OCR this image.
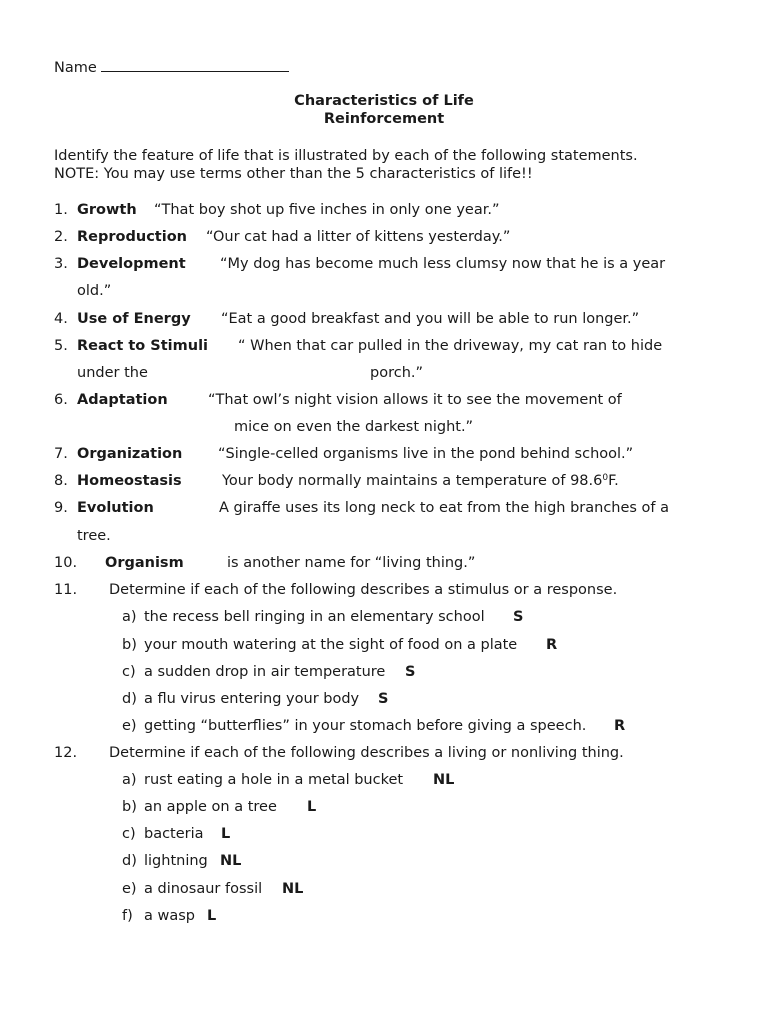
Name
Characteristics of Life
Reinforcement
Identify the feature of life that is illustrated by each of the following statements.
NOTE: You may use terms other than the 5 characteristics of life!!
1. Growth “That boy shot up five inches in only one year.”
2. Reproduction “Our cat had a litter of kittens yesterday.”
3. Development “My dog has become much less clumsy now that he is a year
old.”
4. Use of Energy “Eat a good breakfast and you will be able to run longer.”
5. React to Stimuli “ When that car pulled in the driveway, my cat ran to hide
under the	porch.”
6. Adaptation	“That owl’s night vision allows it to see the movement of
mice on even the darkest night.”
7. Organization “Single-celled organisms live in the pond behind school.”
8. Homeostasis	Your body normally maintains a temperature of 98.6$^0$F.
9. Evolution	A giraffe uses its long neck to eat from the high branches of a
tree.
10. Organism	is another name for “living thing.”
11. Determine if each of the following describes a stimulus or a response.
a) the recess bell ringing in an elementary school S
b) your mouth watering at the sight of food on a plate R
c) a sudden drop in air temperature S
d) a flu virus entering your body S
e) getting “butterflies” in your stomach before giving a speech. R
12. Determine if each of the following describes a living or nonliving thing.
a) rust eating a hole in a metal bucket NL
b) an apple on a tree L
c) bacteria L
d) lightning NL
e) a dinosaur fossil NL
f) a wasp L
